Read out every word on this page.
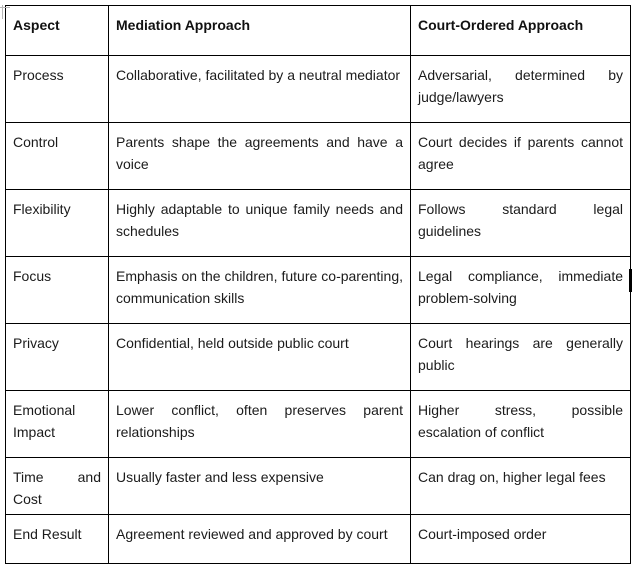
Aspect	Mediation Approach	Court-Ordered Approach
Process	Collaborative, facilitated by a neutral mediator	Adversarial, determined by judge/lawyers
Control	Parents shape the agreements and have a voice	Court decides if parents cannot agree
Flexibility	Highly adaptable to unique family needs and schedules	Follows standard legal guidelines
Focus	Emphasis on the children, future co-parenting, communication skills	Legal compliance, immediate problem-solving
Privacy	Confidential, held outside public court	Court hearings are generally public
Emotional Impact	Lower conflict, often preserves parent relationships	Higher stress, possible escalation of conflict
Time and Cost	Usually faster and less expensive	Can drag on, higher legal fees
End Result	Agreement reviewed and approved by court	Court-imposed order
